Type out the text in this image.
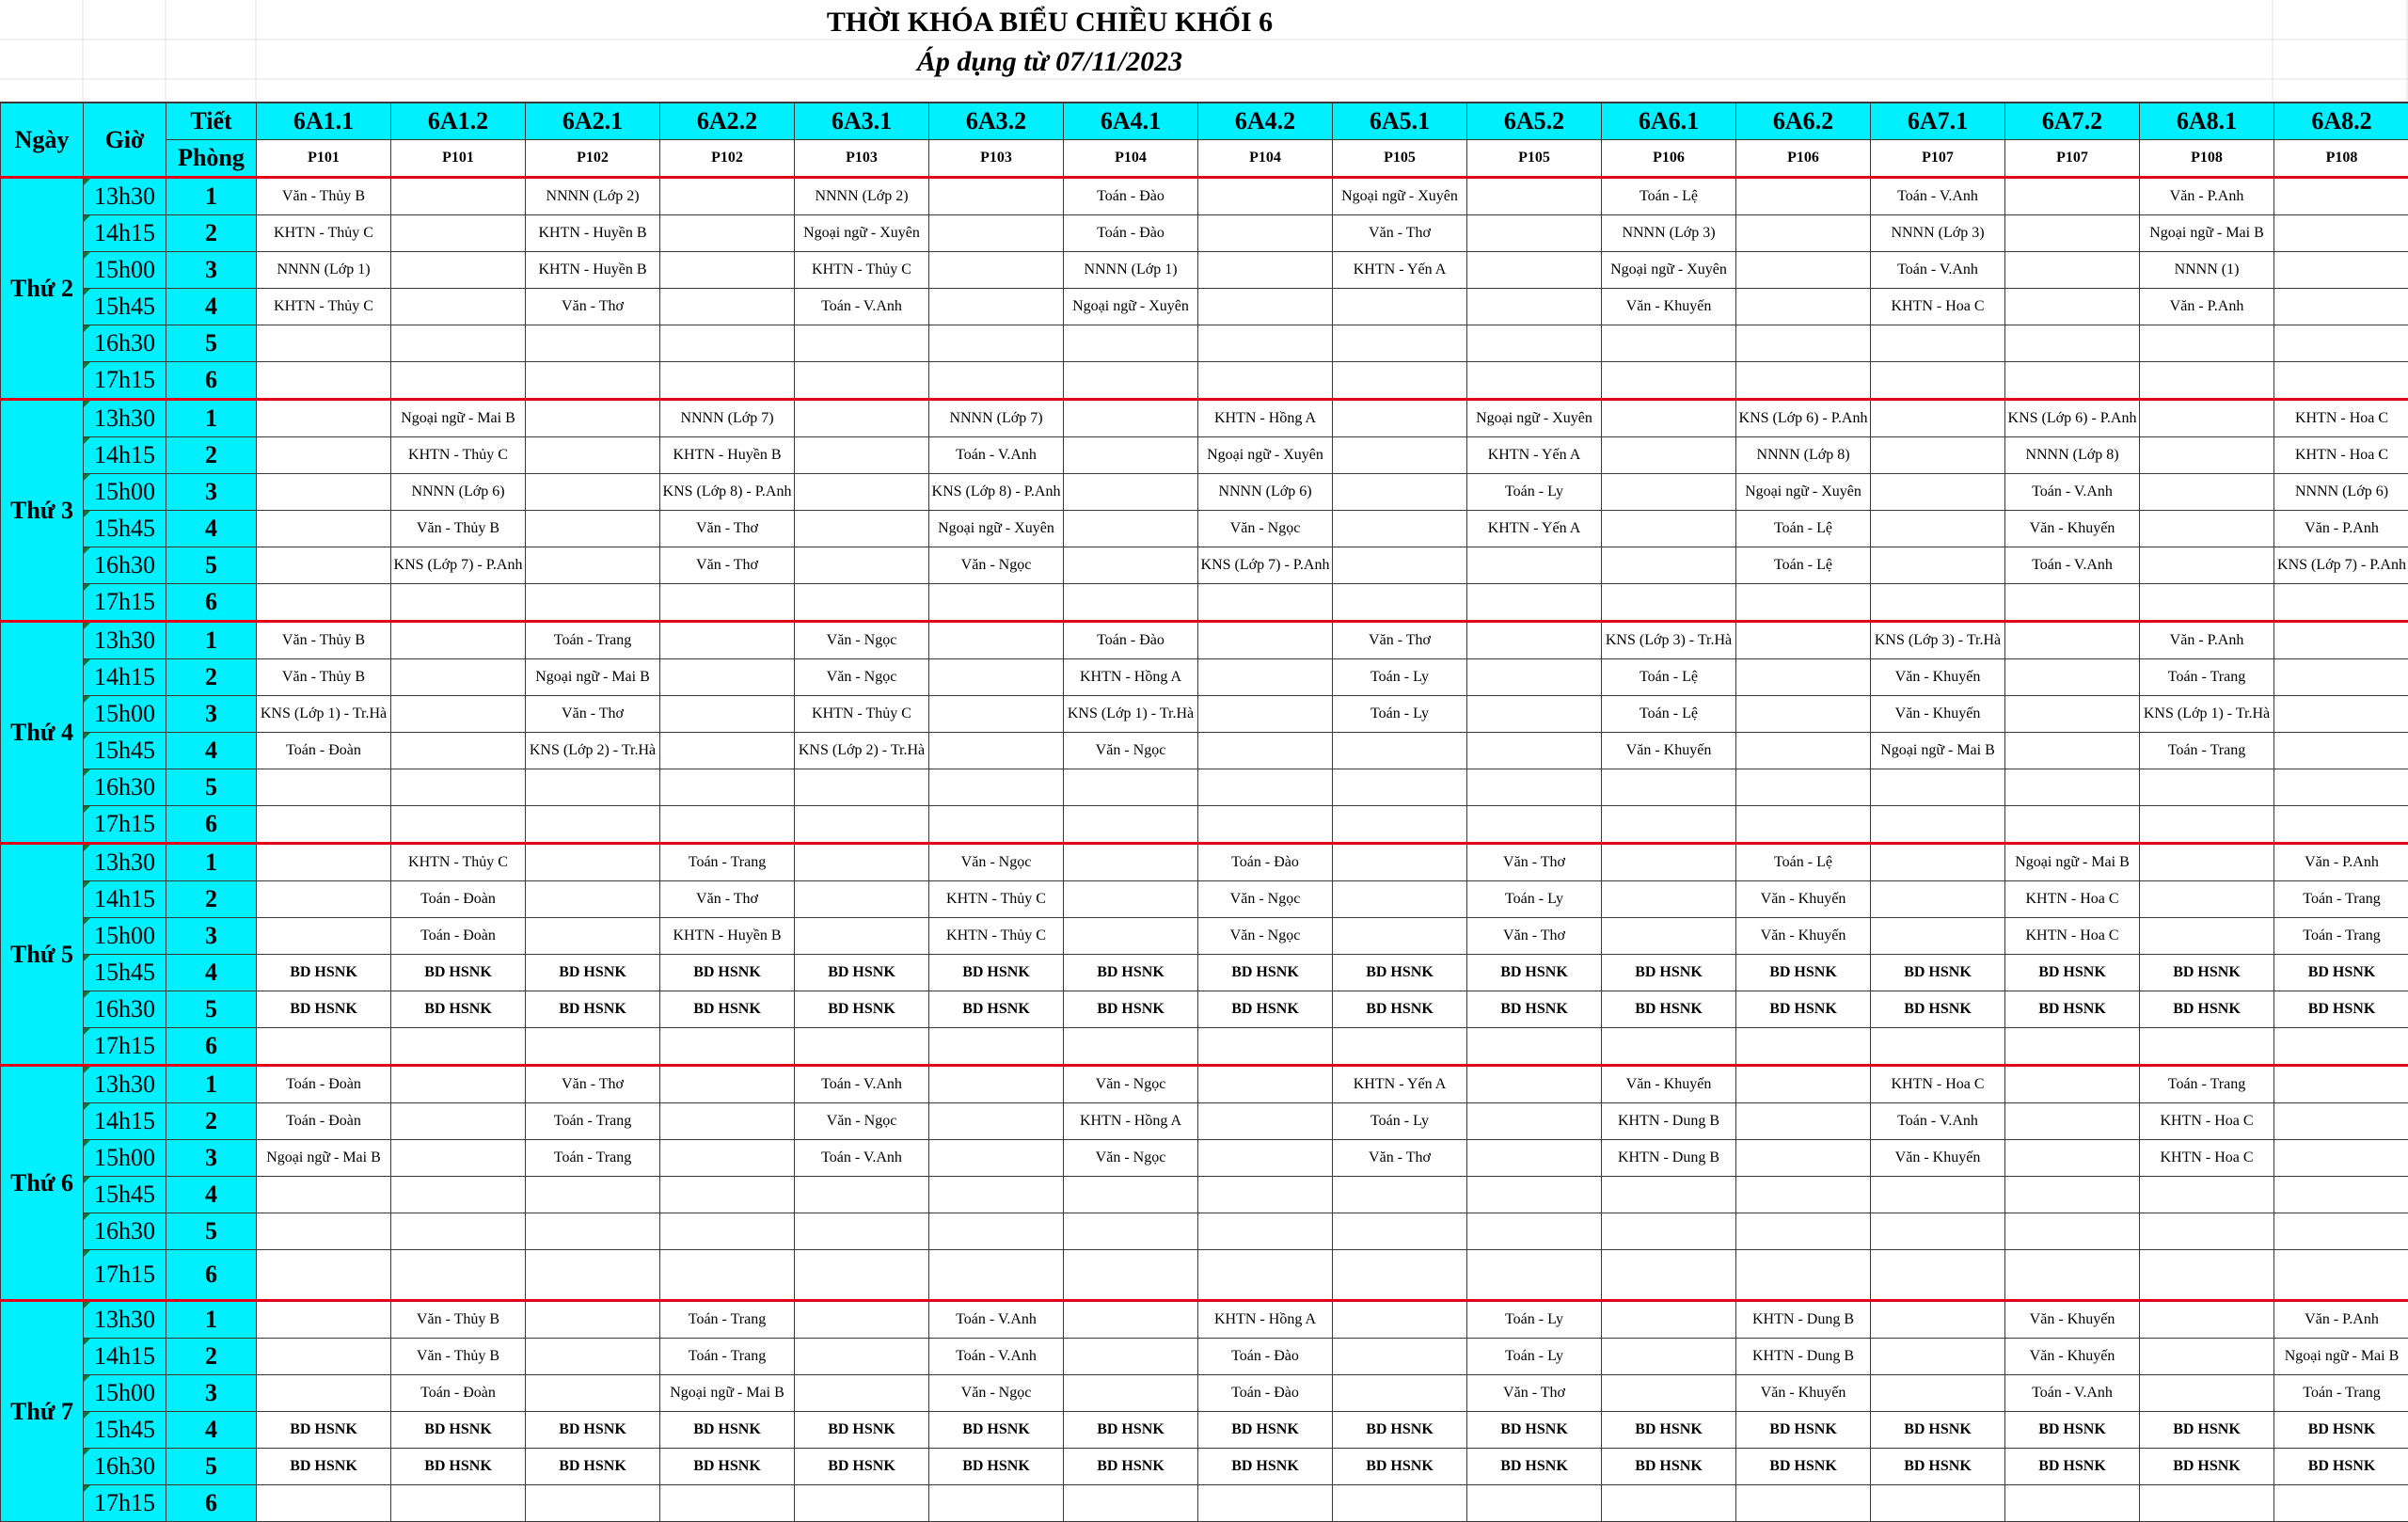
THỜI KHÓA BIỂU CHIỀU KHỐI 6
Áp dụng từ 07/11/2023
Ngày	Giờ	Tiết	6A1.1	6A1.2	6A2.1	6A2.2	6A3.1	6A3.2	6A4.1	6A4.2	6A5.1	6A5.2	6A6.1	6A6.2	6A7.1	6A7.2	6A8.1	6A8.2
		Phòng	P101	P101	P102	P102	P103	P103	P104	P104	P105	P105	P106	P106	P107	P107	P108	P108
Thứ 2	13h30	1	Văn - Thủy B		NNNN (Lớp 2)		NNNN (Lớp 2)		Toán - Đào		Ngoại ngữ - Xuyên		Toán - Lệ		Toán - V.Anh		Văn - P.Anh	
	14h15	2	KHTN - Thủy C		KHTN - Huyền B		Ngoại ngữ - Xuyên		Toán - Đào		Văn - Thơ		NNNN (Lớp 3)		NNNN (Lớp 3)		Ngoại ngữ - Mai B	
	15h00	3	NNNN (Lớp 1)		KHTN - Huyền B		KHTN - Thủy C		NNNN (Lớp 1)		KHTN - Yến A		Ngoại ngữ - Xuyên		Toán - V.Anh		NNNN (1)	
	15h45	4	KHTN - Thủy C		Văn - Thơ		Toán - V.Anh		Ngoại ngữ - Xuyên				Văn - Khuyến		KHTN - Hoa C		Văn - P.Anh	
	16h30	5																
	17h15	6																
Thứ 3	13h30	1		Ngoại ngữ - Mai B		NNNN (Lớp 7)		NNNN (Lớp 7)		KHTN - Hồng A		Ngoại ngữ - Xuyên		KNS (Lớp 6) - P.Anh		KNS (Lớp 6) - P.Anh		KHTN - Hoa C
	14h15	2		KHTN - Thủy C		KHTN - Huyền B		Toán - V.Anh		Ngoại ngữ - Xuyên		KHTN - Yến A		NNNN (Lớp 8)		NNNN (Lớp 8)		KHTN - Hoa C
	15h00	3		NNNN (Lớp 6)		KNS (Lớp 8) - P.Anh		KNS (Lớp 8) - P.Anh		NNNN (Lớp 6)		Toán - Ly		Ngoại ngữ - Xuyên		Toán - V.Anh		NNNN (Lớp 6)
	15h45	4		Văn - Thủy B		Văn - Thơ		Ngoại ngữ - Xuyên		Văn - Ngọc		KHTN - Yến A		Toán - Lệ		Văn - Khuyến		Văn - P.Anh
	16h30	5		KNS (Lớp 7) - P.Anh		Văn - Thơ		Văn - Ngọc		KNS (Lớp 7) - P.Anh				Toán - Lệ		Toán - V.Anh		KNS (Lớp 7) - P.Anh
	17h15	6																
Thứ 4	13h30	1	Văn - Thủy B		Toán - Trang		Văn - Ngọc		Toán - Đào		Văn - Thơ		KNS (Lớp 3) - Tr.Hà		KNS (Lớp 3) - Tr.Hà		Văn - P.Anh	
	14h15	2	Văn - Thủy B		Ngoại ngữ - Mai B		Văn - Ngọc		KHTN - Hồng A		Toán - Ly		Toán - Lệ		Văn - Khuyến		Toán - Trang	
	15h00	3	KNS (Lớp 1) - Tr.Hà		Văn - Thơ		KHTN - Thủy C		KNS (Lớp 1) - Tr.Hà		Toán - Ly		Toán - Lệ		Văn - Khuyến		KNS (Lớp 1) - Tr.Hà	
	15h45	4	Toán - Đoàn		KNS (Lớp 2) - Tr.Hà		KNS (Lớp 2) - Tr.Hà		Văn - Ngọc				Văn - Khuyến		Ngoại ngữ - Mai B		Toán - Trang	
	16h30	5																
	17h15	6																
Thứ 5	13h30	1		KHTN - Thủy C		Toán - Trang		Văn - Ngọc		Toán - Đào		Văn - Thơ		Toán - Lệ		Ngoại ngữ - Mai B		Văn - P.Anh
	14h15	2		Toán - Đoàn		Văn - Thơ		KHTN - Thủy C		Văn - Ngọc		Toán - Ly		Văn - Khuyến		KHTN - Hoa C		Toán - Trang
	15h00	3		Toán - Đoàn		KHTN - Huyền B		KHTN - Thủy C		Văn - Ngọc		Văn - Thơ		Văn - Khuyến		KHTN - Hoa C		Toán - Trang
	15h45	4	BD HSNK	BD HSNK	BD HSNK	BD HSNK	BD HSNK	BD HSNK	BD HSNK	BD HSNK	BD HSNK	BD HSNK	BD HSNK	BD HSNK	BD HSNK	BD HSNK	BD HSNK	BD HSNK
	16h30	5	BD HSNK	BD HSNK	BD HSNK	BD HSNK	BD HSNK	BD HSNK	BD HSNK	BD HSNK	BD HSNK	BD HSNK	BD HSNK	BD HSNK	BD HSNK	BD HSNK	BD HSNK	BD HSNK
	17h15	6																
Thứ 6	13h30	1	Toán - Đoàn		Văn - Thơ		Toán - V.Anh		Văn - Ngọc		KHTN - Yến A		Văn - Khuyến		KHTN - Hoa C		Toán - Trang	
	14h15	2	Toán - Đoàn		Toán - Trang		Văn - Ngọc		KHTN - Hồng A		Toán - Ly		KHTN - Dung B		Toán - V.Anh		KHTN - Hoa C	
	15h00	3	Ngoại ngữ - Mai B		Toán - Trang		Toán - V.Anh		Văn - Ngọc		Văn - Thơ		KHTN - Dung B		Văn - Khuyến		KHTN - Hoa C	
	15h45	4																
	16h30	5																
	17h15	6																
Thứ 7	13h30	1		Văn - Thủy B		Toán - Trang		Toán - V.Anh		KHTN - Hồng A		Toán - Ly		KHTN - Dung B		Văn - Khuyến		Văn - P.Anh
	14h15	2		Văn - Thủy B		Toán - Trang		Toán - V.Anh		Toán - Đào		Toán - Ly		KHTN - Dung B		Văn - Khuyến		Ngoại ngữ - Mai B
	15h00	3		Toán - Đoàn		Ngoại ngữ - Mai B		Văn - Ngọc		Toán - Đào		Văn - Thơ		Văn - Khuyến		Toán - V.Anh		Toán - Trang
	15h45	4	BD HSNK	BD HSNK	BD HSNK	BD HSNK	BD HSNK	BD HSNK	BD HSNK	BD HSNK	BD HSNK	BD HSNK	BD HSNK	BD HSNK	BD HSNK	BD HSNK	BD HSNK	BD HSNK
	16h30	5	BD HSNK	BD HSNK	BD HSNK	BD HSNK	BD HSNK	BD HSNK	BD HSNK	BD HSNK	BD HSNK	BD HSNK	BD HSNK	BD HSNK	BD HSNK	BD HSNK	BD HSNK	BD HSNK
	17h15	6																
